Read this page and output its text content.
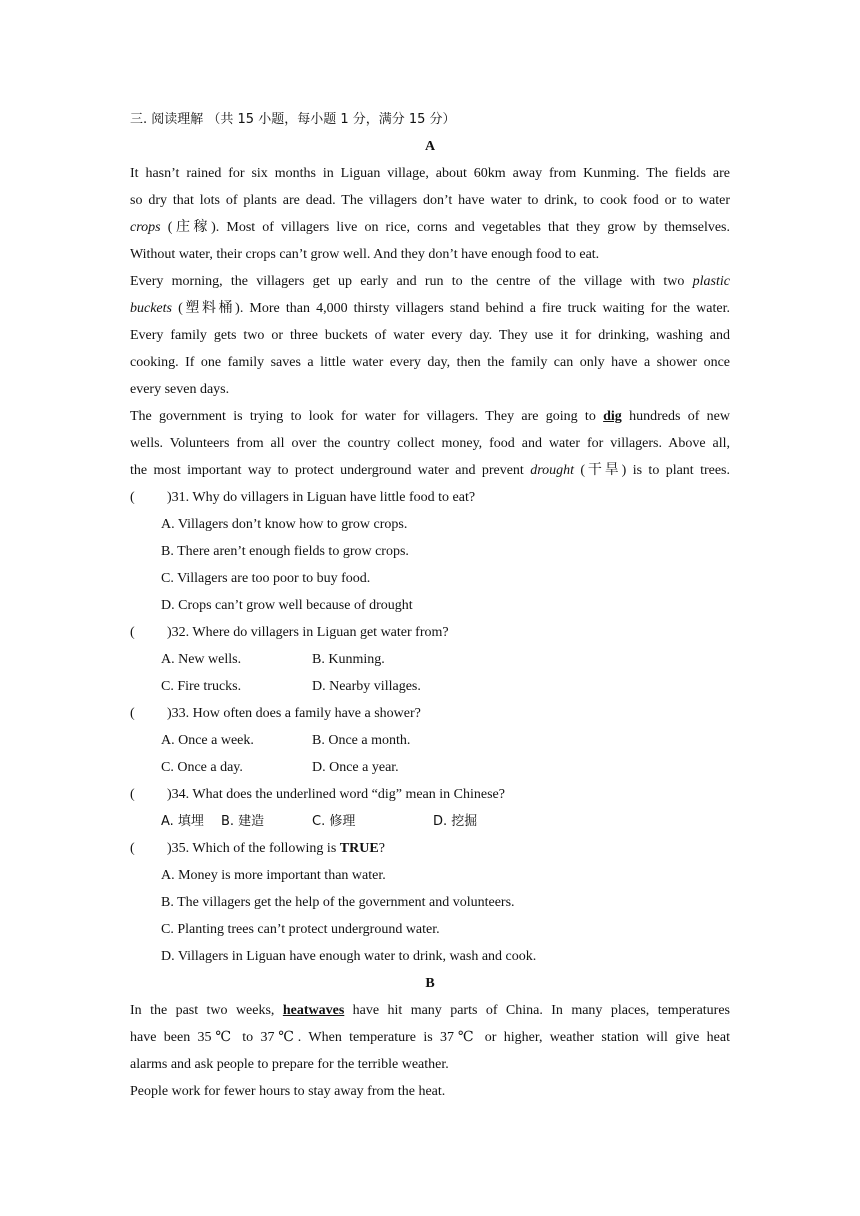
三. 阅读理解 （共 15 小题，每小题 1 分，满分 15 分）
A
It hasn’t rained for six months in Liguan village, about 60km away from Kunming. The fields are
so dry that lots of plants are dead. The villagers don’t have water to drink, to cook food or to water
crops (庄稼). Most of villagers live on rice, corns and vegetables that they grow by themselves.
Without water, their crops can’t grow well. And they don’t have enough food to eat.
Every morning, the villagers get up early and run to the centre of the village with two plastic
buckets (塑料桶). More than 4,000 thirsty villagers stand behind a fire truck waiting for the water.
Every family gets two or three buckets of water every day. They use it for drinking, washing and
cooking. If one family saves a little water every day, then the family can only have a shower once
every seven days.
The government is trying to look for water for villagers. They are going to dig hundreds of new
wells. Volunteers from all over the country collect money, food and water for villagers. Above all,
the most important way to protect underground water and prevent drought (干旱) is to plant trees.
( )31. Why do villagers in Liguan have little food to eat?
A. Villagers don’t know how to grow crops.
B. There aren’t enough fields to grow crops.
C. Villagers are too poor to buy food.
D. Crops can’t grow well because of drought
( )32. Where do villagers in Liguan get water from?
A. New wells.	B. Kunming.
C. Fire trucks.	D. Nearby villages.
( )33. How often does a family have a shower?
A. Once a week.	B. Once a month.
C. Once a day.	D. Once a year.
( )34. What does the underlined word “dig” mean in Chinese?
A. 填埋 B. 建造	C. 修理	D. 挖掘
( )35. Which of the following is TRUE?
A. Money is more important than water.
B. The villagers get the help of the government and volunteers.
C. Planting trees can’t protect underground water.
D. Villagers in Liguan have enough water to drink, wash and cook.
B
In the past two weeks, heatwaves have hit many parts of China. In many places, temperatures
have been 35℃ to 37℃. When temperature is 37℃ or higher, weather station will give heat
alarms and ask people to prepare for the terrible weather.
People work for fewer hours to stay away from the heat.
